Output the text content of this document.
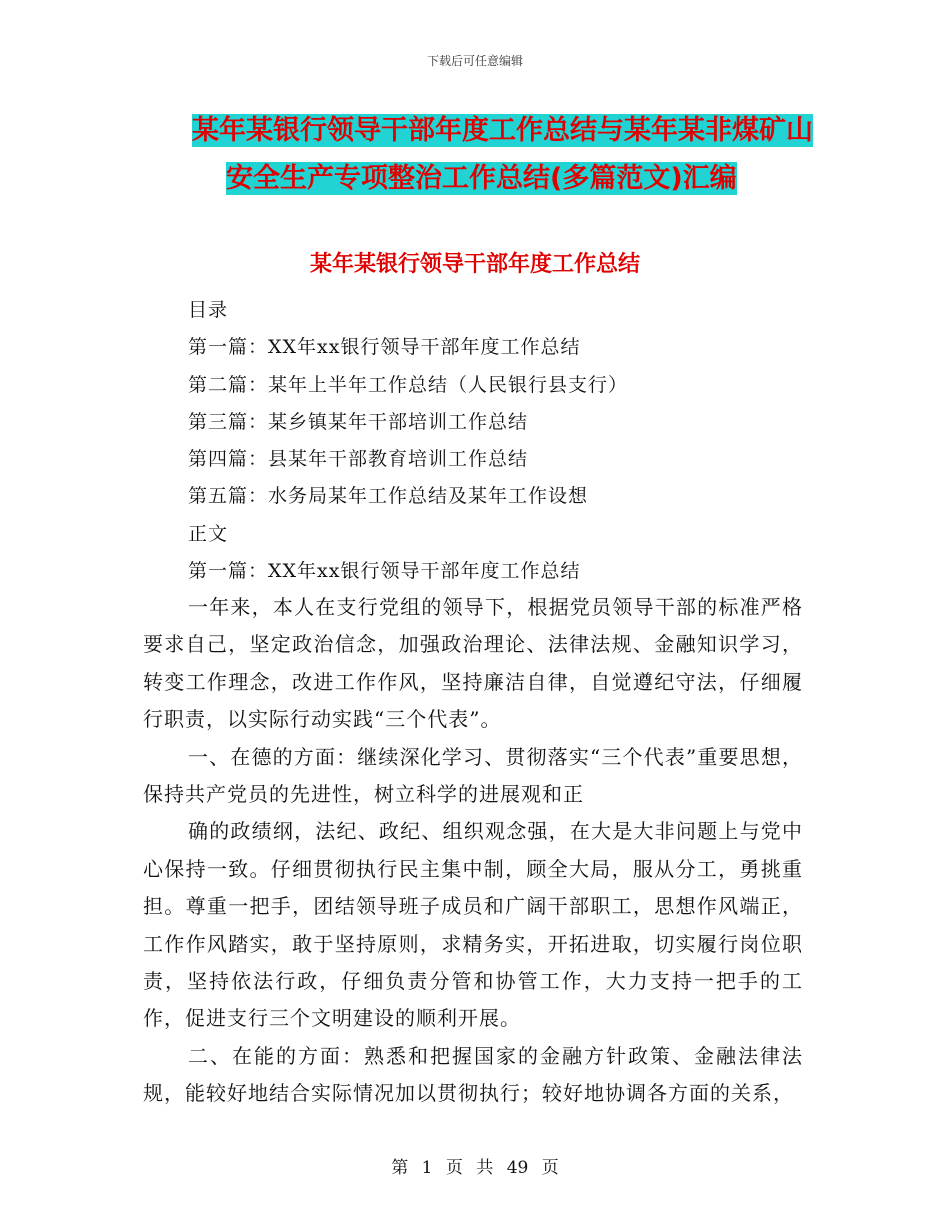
下载后可任意编辑
某年某银行领导干部年度工作总结与某年某非煤矿山
安全生产专项整治工作总结(多篇范文)汇编
某年某银行领导干部年度工作总结
目录
第一篇：XX年xx银行领导干部年度工作总结
第二篇：某年上半年工作总结（人民银行县支行）
第三篇：某乡镇某年干部培训工作总结
第四篇：县某年干部教育培训工作总结
第五篇：水务局某年工作总结及某年工作设想
正文
第一篇：XX年xx银行领导干部年度工作总结

一年来，本人在支行党组的领导下，根据党员领导干部的标准严格要求自己，坚定政治信念，加强政治理论、法律法规、金融知识学习，转变工作理念，改进工作作风，坚持廉洁自律，自觉遵纪守法，仔细履行职责，以实际行动实践“三个代表”。

一、在德的方面：继续深化学习、贯彻落实“三个代表”重要思想，保持共产党员的先进性，树立科学的进展观和正

确的政绩纲，法纪、政纪、组织观念强，在大是大非问题上与党中心保持一致。仔细贯彻执行民主集中制，顾全大局，服从分工，勇挑重担。尊重一把手，团结领导班子成员和广阔干部职工，思想作风端正，工作作风踏实，敢于坚持原则，求精务实，开拓进取，切实履行岗位职责，坚持依法行政，仔细负责分管和协管工作，大力支持一把手的工作，促进支行三个文明建设的顺利开展。

二、在能的方面：熟悉和把握国家的金融方针政策、金融法律法规，能较好地结合实际情况加以贯彻执行；较好地协调各方面的关系，

第 1 页 共 49 页
